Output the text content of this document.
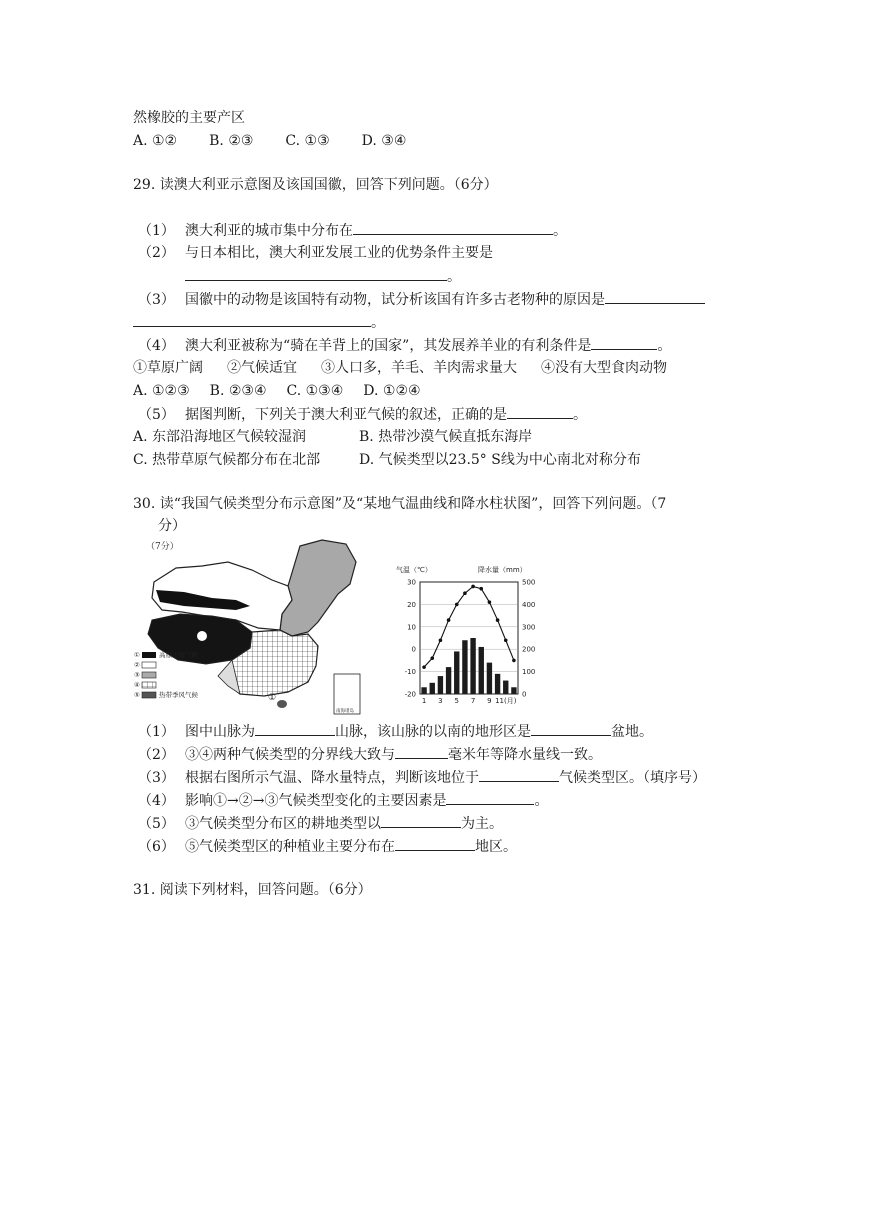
然橡胶的主要产区
A. ①② B. ②③ C. ①③ D. ③④
29. 读澳大利亚示意图及该国国徽，回答下列问题。（6分）
（1） 澳大利亚的城市集中分布在	。
（2） 与日本相比，澳大利亚发展工业的优势条件主要是
。
（3） 国徽中的动物是该国特有动物，试分析该国有许多古老物种的原因是
。
（4） 澳大利亚被称为“骑在羊背上的国家”，其发展养羊业的有利条件是	。
①草原广阔 ②气候适宜 ③人口多，羊毛、羊肉需求量大 ④没有大型食肉动物
A. ①②③ B. ②③④ C. ①③④ D. ①②④
（5） 据图判断，下列关于澳大利亚气候的叙述，正确的是	。
A. 东部沿海地区气候较湿润	B. 热带沙漠气候直抵东海岸
C. 热带草原气候都分布在北部	D. 气候类型以23.5° S线为中心南北对称分布
30. 读“我国气候类型分布示意图”及“某地气温曲线和降水柱状图”，回答下列问题。（7
分）
（7分）
①
①	高原山地气候
②
③
④
⑤	热带季风气候
南海诸岛
气温（℃）	降水量（mm）
30
20
10
0
-10
-20
500
400
300
200
100
0
1 3 5 7 9 11(月)
（1） 图中山脉为	山脉，该山脉的以南的地形区是	盆地。
（2） ③④两种气候类型的分界线大致与	毫米年等降水量线一致。
（3） 根据右图所示气温、降水量特点，判断该地位于	气候类型区。（填序号）
（4） 影响①→②→③气候类型变化的主要因素是	。
（5） ③气候类型分布区的耕地类型以	为主。
（6） ⑤气候类型区的种植业主要分布在	地区。
31. 阅读下列材料，回答问题。（6分）
